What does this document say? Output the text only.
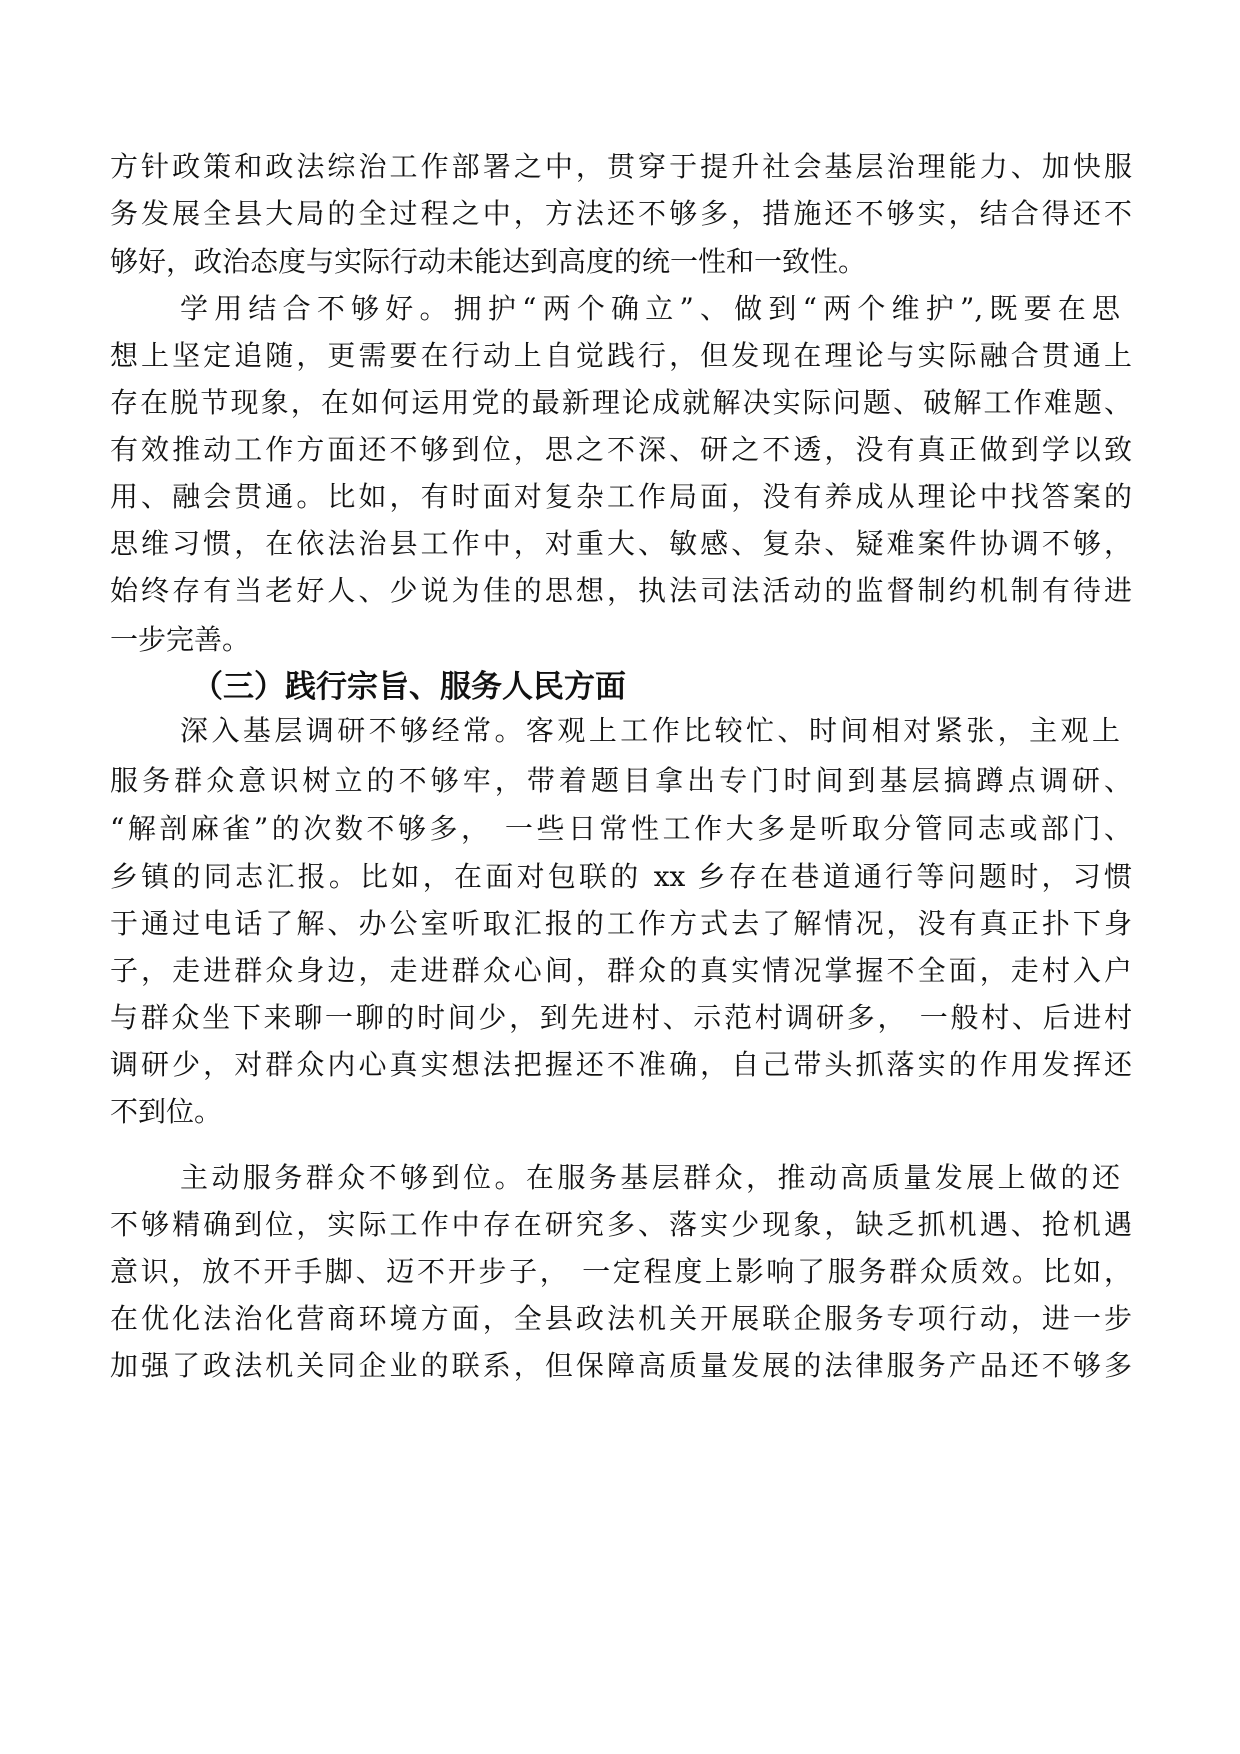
方针政策和政法综治工作部署之中，贯穿于提升社会基层治理能力、加快服

务发展全县大局的全过程之中，方法还不够多，措施还不够实，结合得还不

够好，政治态度与实际行动未能达到高度的统一性和一致性。

学用结合不够好。拥护“两个确立”、做到“两个维护”,既要在思

想上坚定追随，更需要在行动上自觉践行，但发现在理论与实际融合贯通上

存在脱节现象，在如何运用党的最新理论成就解决实际问题、破解工作难题、

有效推动工作方面还不够到位，思之不深、研之不透，没有真正做到学以致

用、融会贯通。比如，有时面对复杂工作局面，没有养成从理论中找答案的

思维习惯，在依法治县工作中，对重大、敏感、复杂、疑难案件协调不够，

始终存有当老好人、少说为佳的思想，执法司法活动的监督制约机制有待进

一步完善。

（三）践行宗旨、服务人民方面

深入基层调研不够经常。客观上工作比较忙、时间相对紧张，主观上

服务群众意识树立的不够牢，带着题目拿出专门时间到基层搞蹲点调研、

“解剖麻雀”的次数不够多， 一些日常性工作大多是听取分管同志或部门、

乡镇的同志汇报。比如，在面对包联的 xx 乡存在巷道通行等问题时，习惯

于通过电话了解、办公室听取汇报的工作方式去了解情况，没有真正扑下身

子，走进群众身边，走进群众心间，群众的真实情况掌握不全面，走村入户

与群众坐下来聊一聊的时间少，到先进村、示范村调研多， 一般村、后进村

调研少，对群众内心真实想法把握还不准确，自己带头抓落实的作用发挥还

不到位。

主动服务群众不够到位。在服务基层群众，推动高质量发展上做的还

不够精确到位，实际工作中存在研究多、落实少现象，缺乏抓机遇、抢机遇

意识，放不开手脚、迈不开步子， 一定程度上影响了服务群众质效。比如，

在优化法治化营商环境方面，全县政法机关开展联企服务专项行动，进一步

加强了政法机关同企业的联系，但保障高质量发展的法律服务产品还不够多
